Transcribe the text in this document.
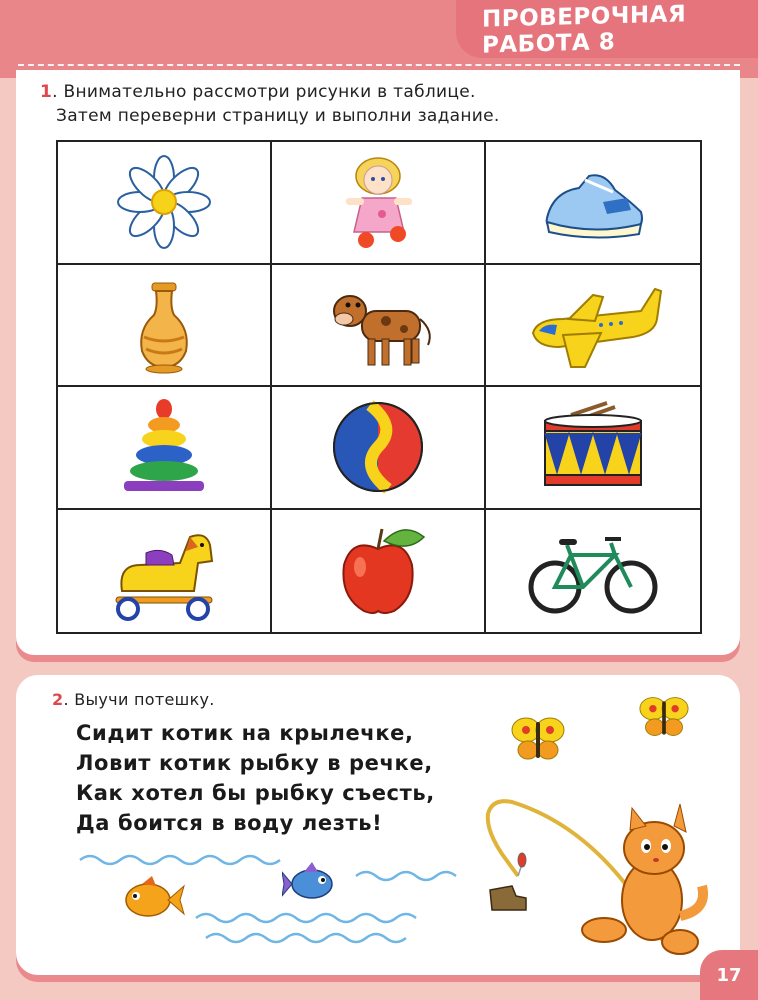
ПРОВЕРОЧНАЯ РАБОТА 8
1. Внимательно рассмотри рисунки в таблице.
Затем переверни страницу и выполни задание.
2. Выучи потешку.
Сидит котик на крылечке,
Ловит котик рыбку в речке,
Как хотел бы рыбку съесть,
Да боится в воду лезть!
17
